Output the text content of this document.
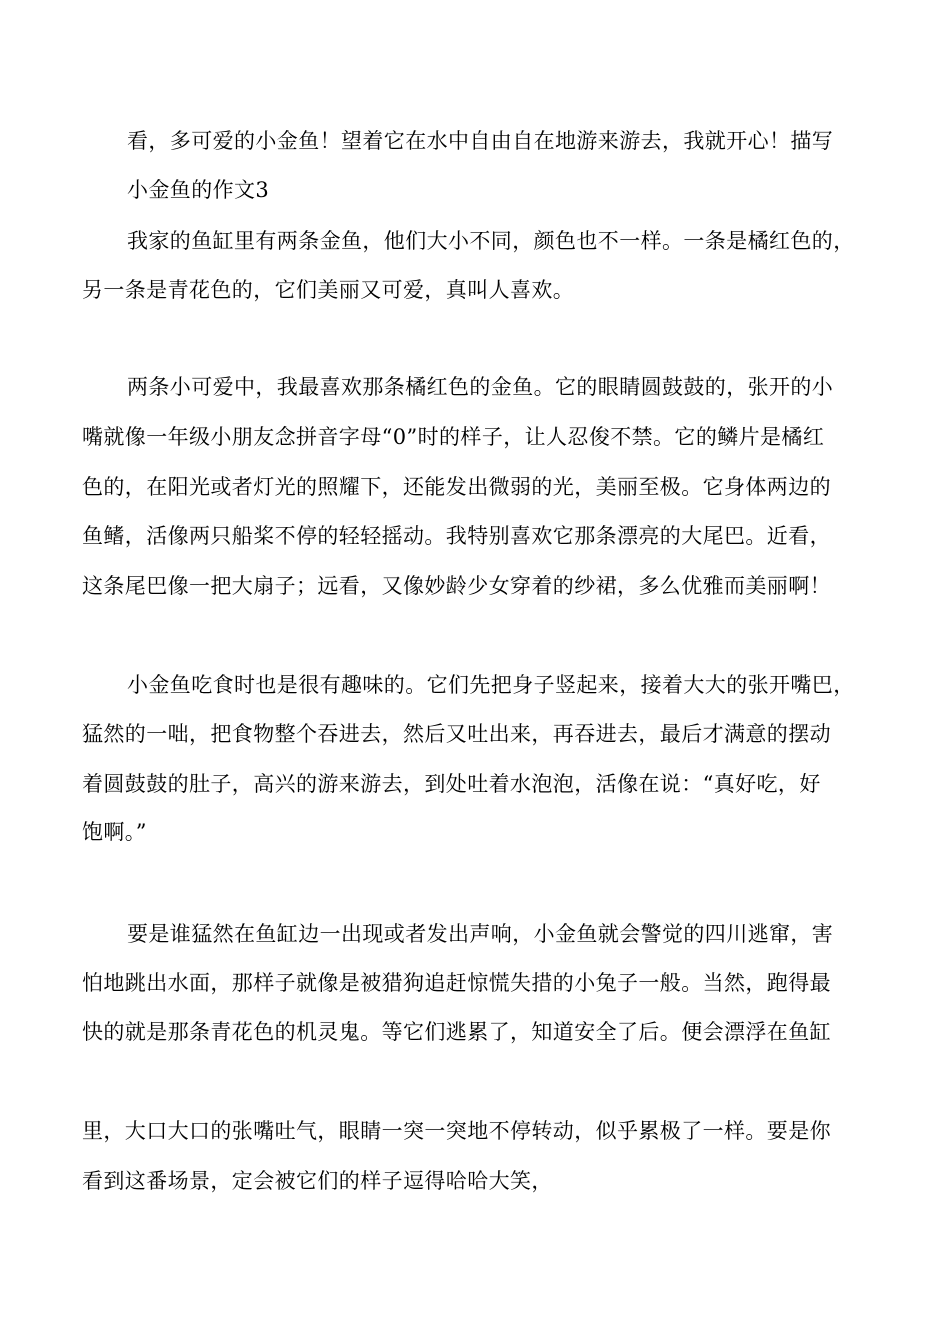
看，多可爱的小金鱼！望着它在水中自由自在地游来游去，我就开心！描写
小金鱼的作文3
我家的鱼缸里有两条金鱼，他们大小不同，颜色也不一样。一条是橘红色的，
另一条是青花色的，它们美丽又可爱，真叫人喜欢。
两条小可爱中，我最喜欢那条橘红色的金鱼。它的眼睛圆鼓鼓的，张开的小
嘴就像一年级小朋友念拼音字母“0”时的样子，让人忍俊不禁。它的鳞片是橘红
色的，在阳光或者灯光的照耀下，还能发出微弱的光，美丽至极。它身体两边的
鱼鳍，活像两只船桨不停的轻轻摇动。我特别喜欢它那条漂亮的大尾巴。近看，
这条尾巴像一把大扇子；远看，又像妙龄少女穿着的纱裙，多么优雅而美丽啊！
小金鱼吃食时也是很有趣味的。它们先把身子竖起来，接着大大的张开嘴巴，
猛然的一咄，把食物整个吞进去，然后又吐出来，再吞进去，最后才满意的摆动
着圆鼓鼓的肚子，高兴的游来游去，到处吐着水泡泡，活像在说：“真好吃，好
饱啊。”
要是谁猛然在鱼缸边一出现或者发出声响，小金鱼就会警觉的四川逃窜，害
怕地跳出水面，那样子就像是被猎狗追赶惊慌失措的小兔子一般。当然，跑得最
快的就是那条青花色的机灵鬼。等它们逃累了，知道安全了后。便会漂浮在鱼缸
里，大口大口的张嘴吐气，眼睛一突一突地不停转动，似乎累极了一样。要是你
看到这番场景，定会被它们的样子逗得哈哈大笑，
